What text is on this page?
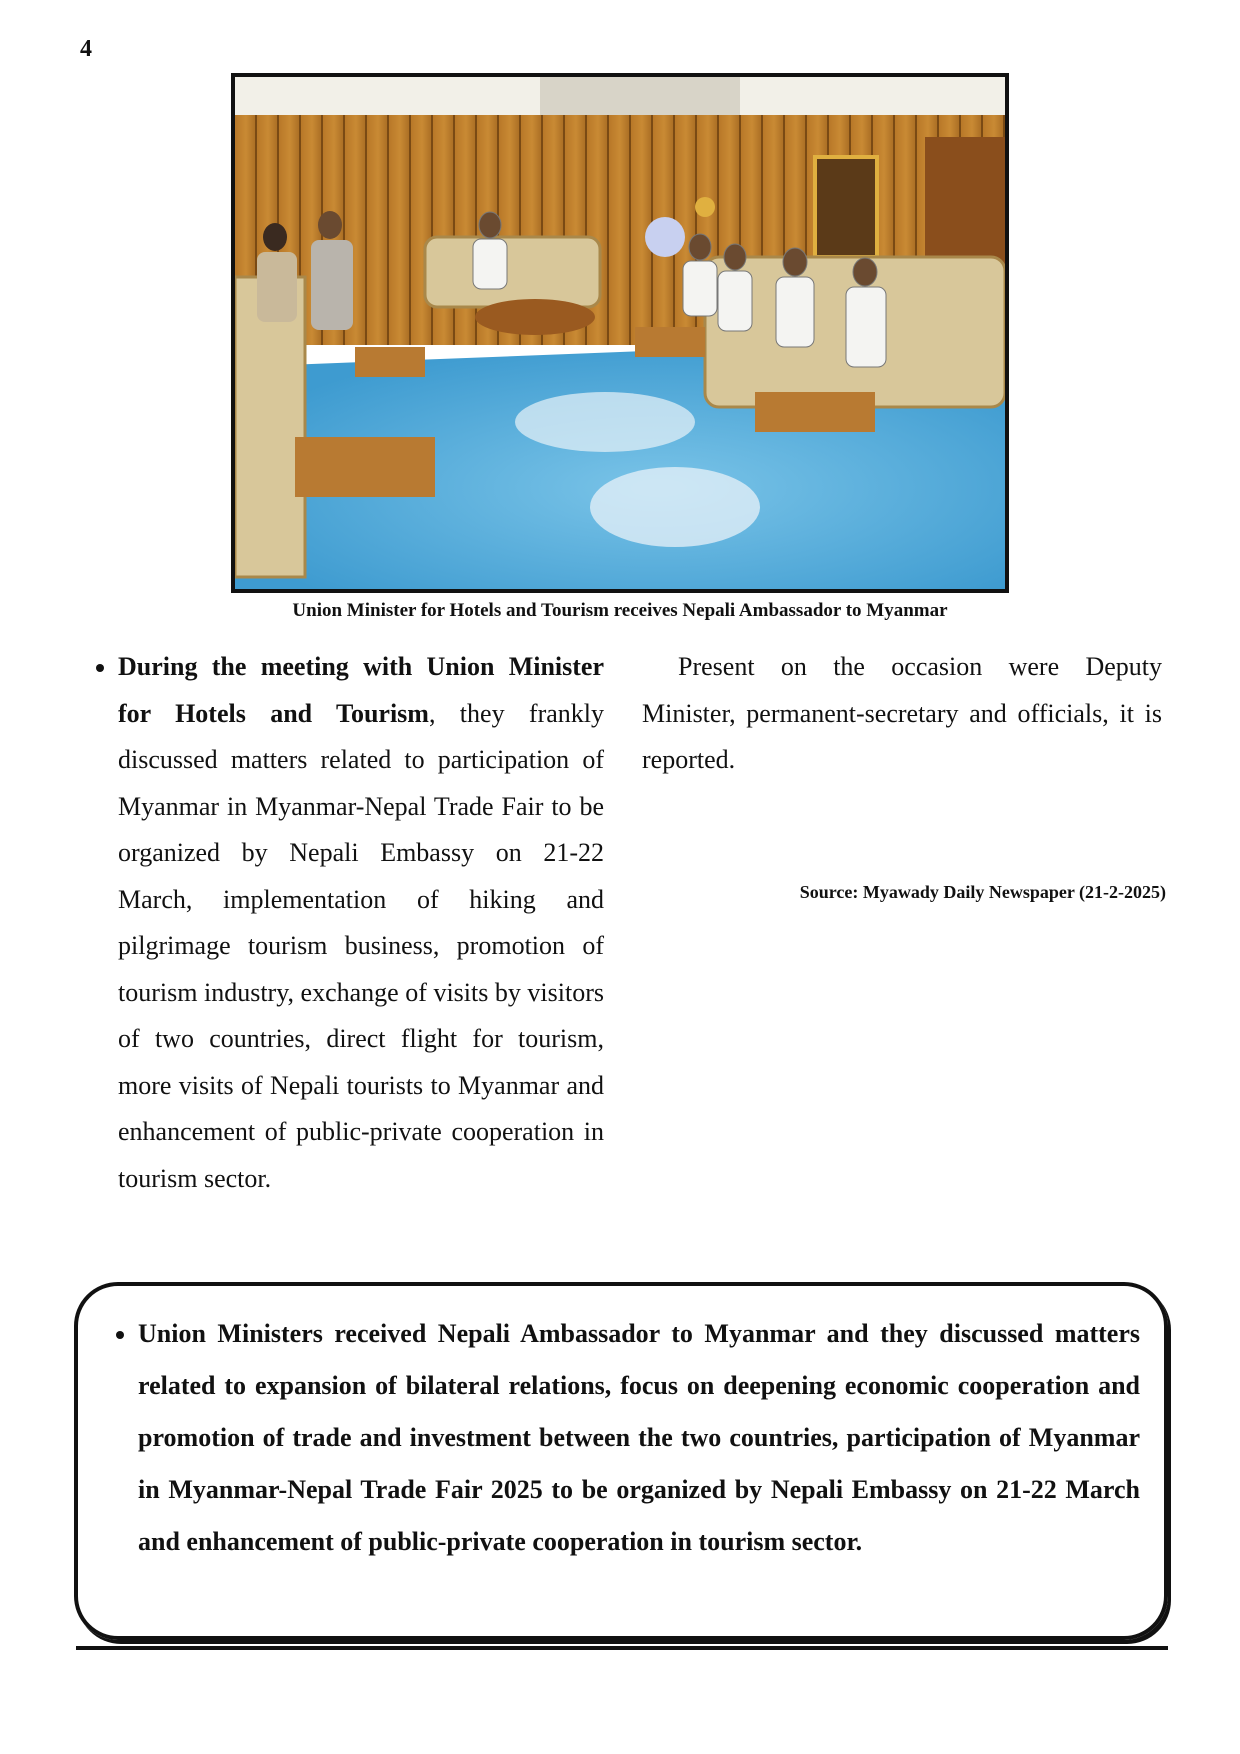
4
Union Minister for Hotels and Tourism receives Nepali Ambassador to Myanmar
• During the meeting with Union Minister for Hotels and Tourism, they frankly discussed matters related to participation of Myanmar in Myanmar-Nepal Trade Fair to be organized by Nepali Embassy on 21-22 March, implementation of hiking and pilgrimage tourism business, promotion of tourism industry, exchange of visits by visitors of two countries, direct flight for tourism, more visits of Nepali tourists to Myanmar and enhancement of public-private cooperation in tourism sector.

Present on the occasion were Deputy Minister, permanent-secretary and officials, it is reported.

Source: Myawady Daily Newspaper (21-2-2025)
• Union Ministers received Nepali Ambassador to Myanmar and they discussed matters related to expansion of bilateral relations, focus on deepening economic cooperation and promotion of trade and investment between the two countries, participation of Myanmar in Myanmar-Nepal Trade Fair 2025 to be organized by Nepali Embassy on 21-22 March and enhancement of public-private cooperation in tourism sector.
